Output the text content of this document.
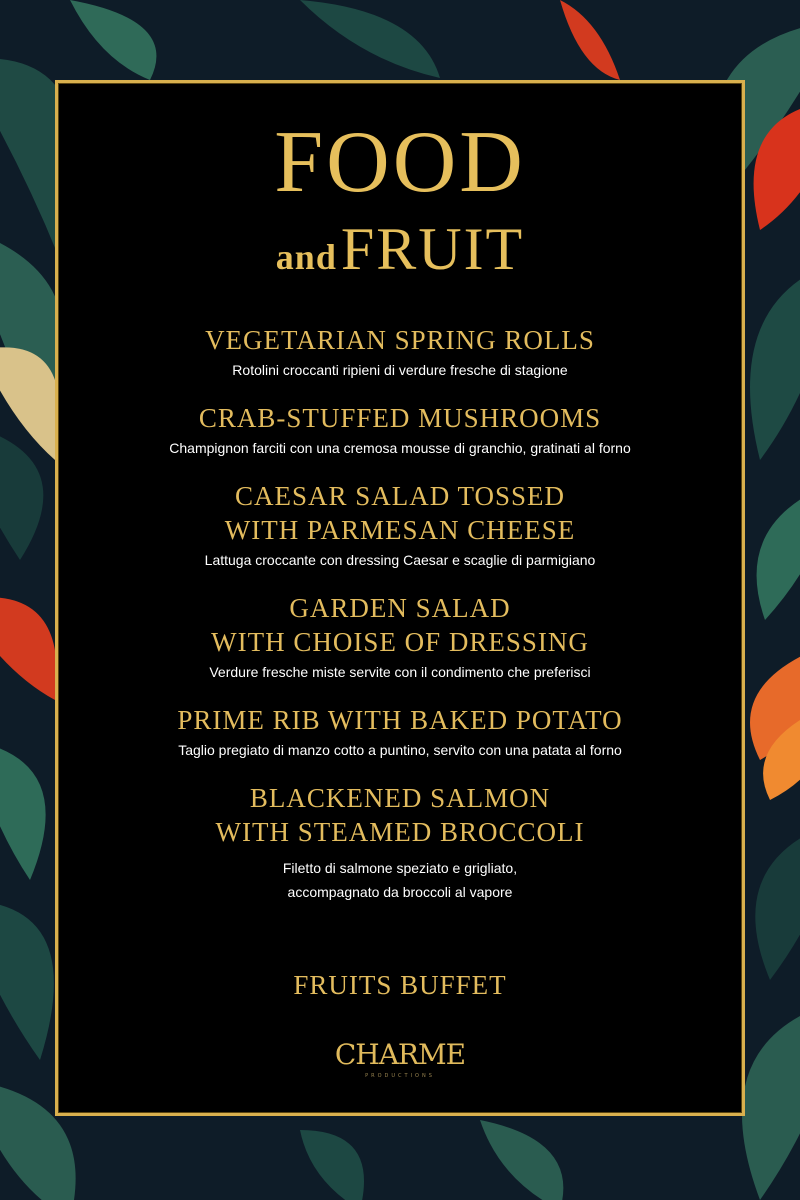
FOOD
and FRUIT
VEGETARIAN SPRING ROLLS
Rotolini croccanti ripieni di verdure fresche di stagione
CRAB-STUFFED MUSHROOMS
Champignon farciti con una cremosa mousse di granchio, gratinati al forno
CAESAR SALAD TOSSED
WITH PARMESAN CHEESE
Lattuga croccante con dressing Caesar e scaglie di parmigiano
GARDEN SALAD
WITH CHOISE OF DRESSING
Verdure fresche miste servite con il condimento che preferisci
PRIME RIB WITH BAKED POTATO
Taglio pregiato di manzo cotto a puntino, servito con una patata al forno
BLACKENED SALMON
WITH STEAMED BROCCOLI
Filetto di salmone speziato e grigliato,
accompagnato da broccoli al vapore
FRUITS BUFFET
CHARME
PRODUCTIONS
